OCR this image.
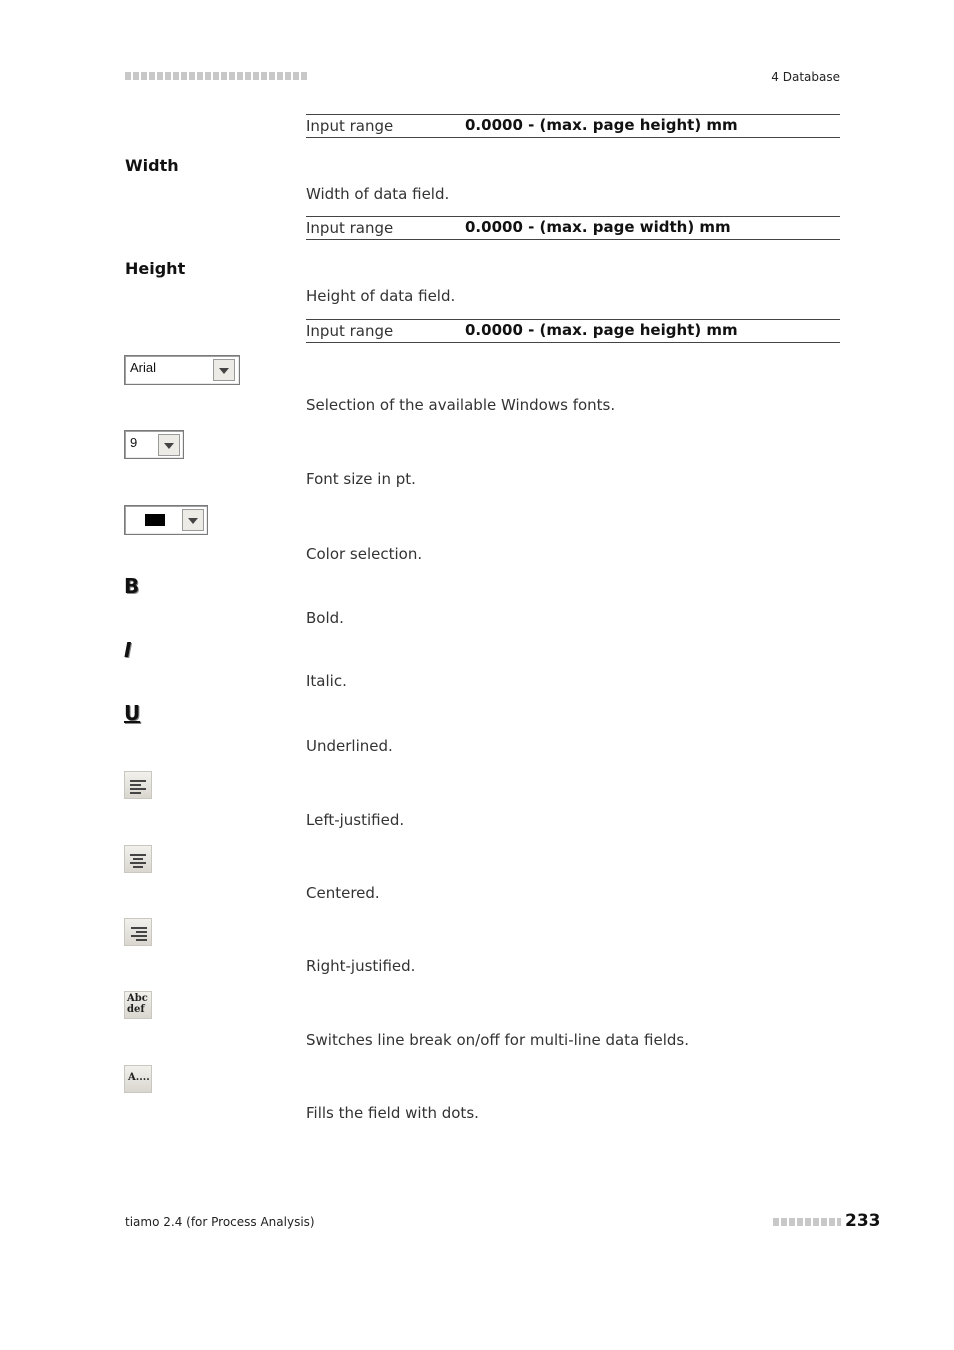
4 Database
Input range	0.0000 - (max. page height) mm
Width
Width of data field.
Input range	0.0000 - (max. page width) mm
Height
Height of data field.
Input range	0.0000 - (max. page height) mm
Arial
Selection of the available Windows fonts.
9
Font size in pt.
Color selection.
B
Bold.
I
Italic.
U
Underlined.
Left-justified.
Centered.
Right-justified.
Abc
def
Switches line break on/off for multi-line data fields.
A....
Fills the field with dots.
tiamo 2.4 (for Process Analysis)	233
